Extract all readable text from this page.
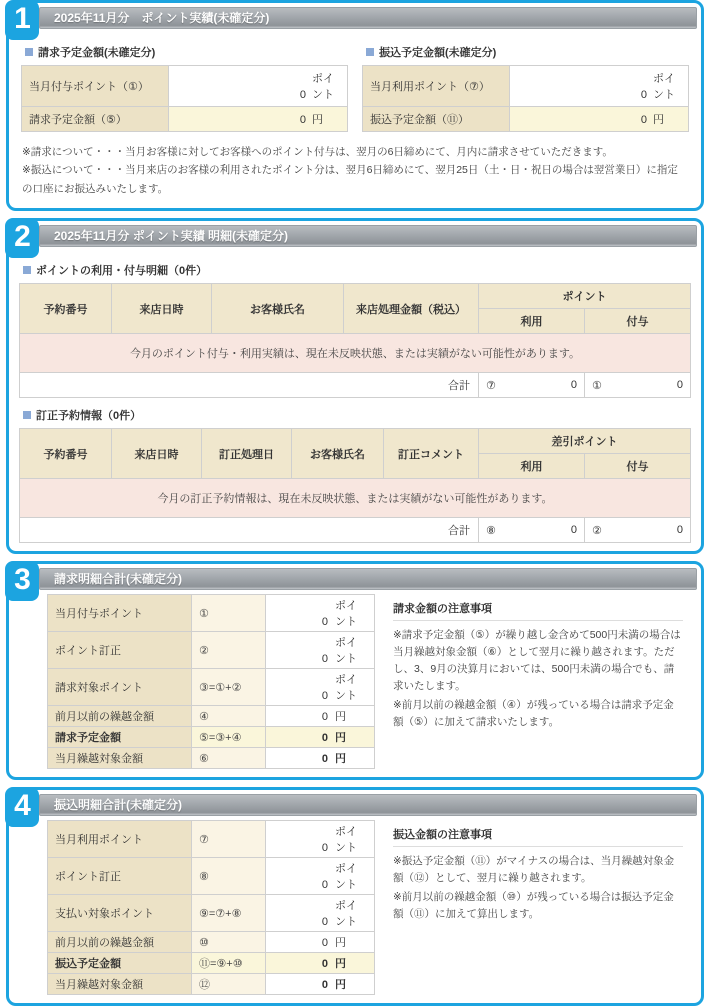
1	2025年11月分　ポイント実績(未確定分)
請求予定金額(未確定分)
当月付与ポイント（①）	0ポイント
請求予定金額（⑤）	0 円
振込予定金額(未確定分)
当月利用ポイント（⑦）	0ポイント
振込予定金額（⑪）	0 円
※請求について・・・当月お客様に対してお客様へのポイント付与は、翌月の6日締めにて、月内に請求させていただきます。
※振込について・・・当月来店のお客様の利用されたポイント分は、翌月6日締めにて、翌月25日（土・日・祝日の場合は翌営業日）に指定の口座にお振込みいたします。
2	2025年11月分 ポイント実績 明細(未確定分)
ポイントの利用・付与明細（0件）
予約番号	来店日時	お客様氏名	来店処理金額（税込）	ポイント	
				利用	付与
今月のポイント付与・利用実績は、現在未反映状態、または実績がない可能性があります。					
			合計	⑦ 0	① 0
訂正予約情報（0件）
予約番号	来店日時	訂正処理日	お客様氏名	訂正コメント	差引ポイント	
					利用	付与
今月の訂正予約情報は、現在未反映状態、または実績がない可能性があります。						
				合計	⑧ 0	② 0
3	請求明細合計(未確定分)
当月付与ポイント	①	0ポイント
ポイント訂正	②	0ポイント
請求対象ポイント	③=①+②	0ポイント
前月以前の繰越金額	④	0 円
請求予定金額	⑤=③+④	0 円
当月繰越対象金額	⑥	0 円
請求金額の注意事項

※請求予定金額（⑤）が繰り越し金含めて500円未満の場合は当月繰越対象金額（⑥）として翌月に繰り越されます。ただし、3、9月の決算月においては、500円未満の場合でも、請求いたします。

※前月以前の繰越金額（④）が残っている場合は請求予定金額（⑤）に加えて請求いたします。

4	振込明細合計(未確定分)
当月利用ポイント	⑦	0ポイント
ポイント訂正	⑧	0ポイント
支払い対象ポイント	⑨=⑦+⑧	0ポイント
前月以前の繰越金額	⑩	0 円
振込予定金額	⑪=⑨+⑩	0 円
当月繰越対象金額	⑫	0 円
振込金額の注意事項

※振込予定金額（⑪）がマイナスの場合は、当月繰越対象金額（⑫）として、翌月に繰り越されます。

※前月以前の繰越金額（⑩）が残っている場合は振込予定金額（⑪）に加えて算出します。
